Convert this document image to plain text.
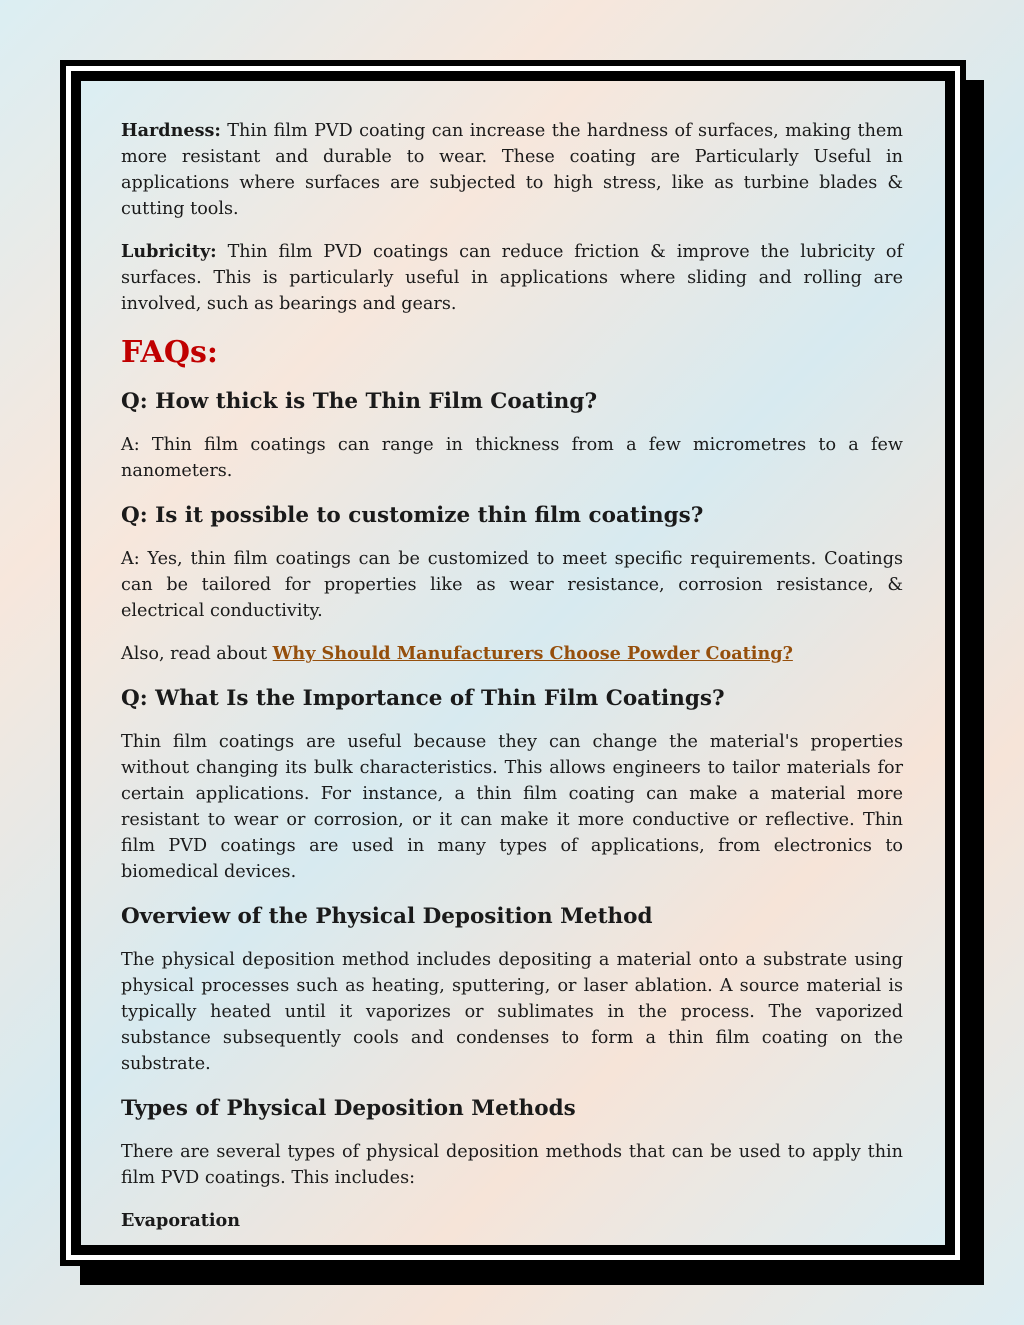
Hardness: Thin film PVD coating can increase the hardness of surfaces, making them more resistant and durable to wear. These coating are Particularly Useful in applications where surfaces are subjected to high stress, like as turbine blades & cutting tools.

Lubricity: Thin film PVD coatings can reduce friction & improve the lubricity of surfaces. This is particularly useful in applications where sliding and rolling are involved, such as bearings and gears.

FAQs:
Q: How thick is The Thin Film Coating?

A: Thin film coatings can range in thickness from a few micrometres to a few nanometers.

Q: Is it possible to customize thin film coatings?

A: Yes, thin film coatings can be customized to meet specific requirements. Coatings can be tailored for properties like as wear resistance, corrosion resistance, & electrical conductivity.

Also, read about Why Should Manufacturers Choose Powder Coating?

Q: What Is the Importance of Thin Film Coatings?

Thin film coatings are useful because they can change the material's properties without changing its bulk characteristics. This allows engineers to tailor materials for certain applications. For instance, a thin film coating can make a material more resistant to wear or corrosion, or it can make it more conductive or reflective. Thin film PVD coatings are used in many types of applications, from electronics to biomedical devices.

Overview of the Physical Deposition Method

The physical deposition method includes depositing a material onto a substrate using physical processes such as heating, sputtering, or laser ablation. A source material is typically heated until it vaporizes or sublimates in the process. The vaporized substance subsequently cools and condenses to form a thin film coating on the substrate.

Types of Physical Deposition Methods

There are several types of physical deposition methods that can be used to apply thin film PVD coatings. This includes:

Evaporation
